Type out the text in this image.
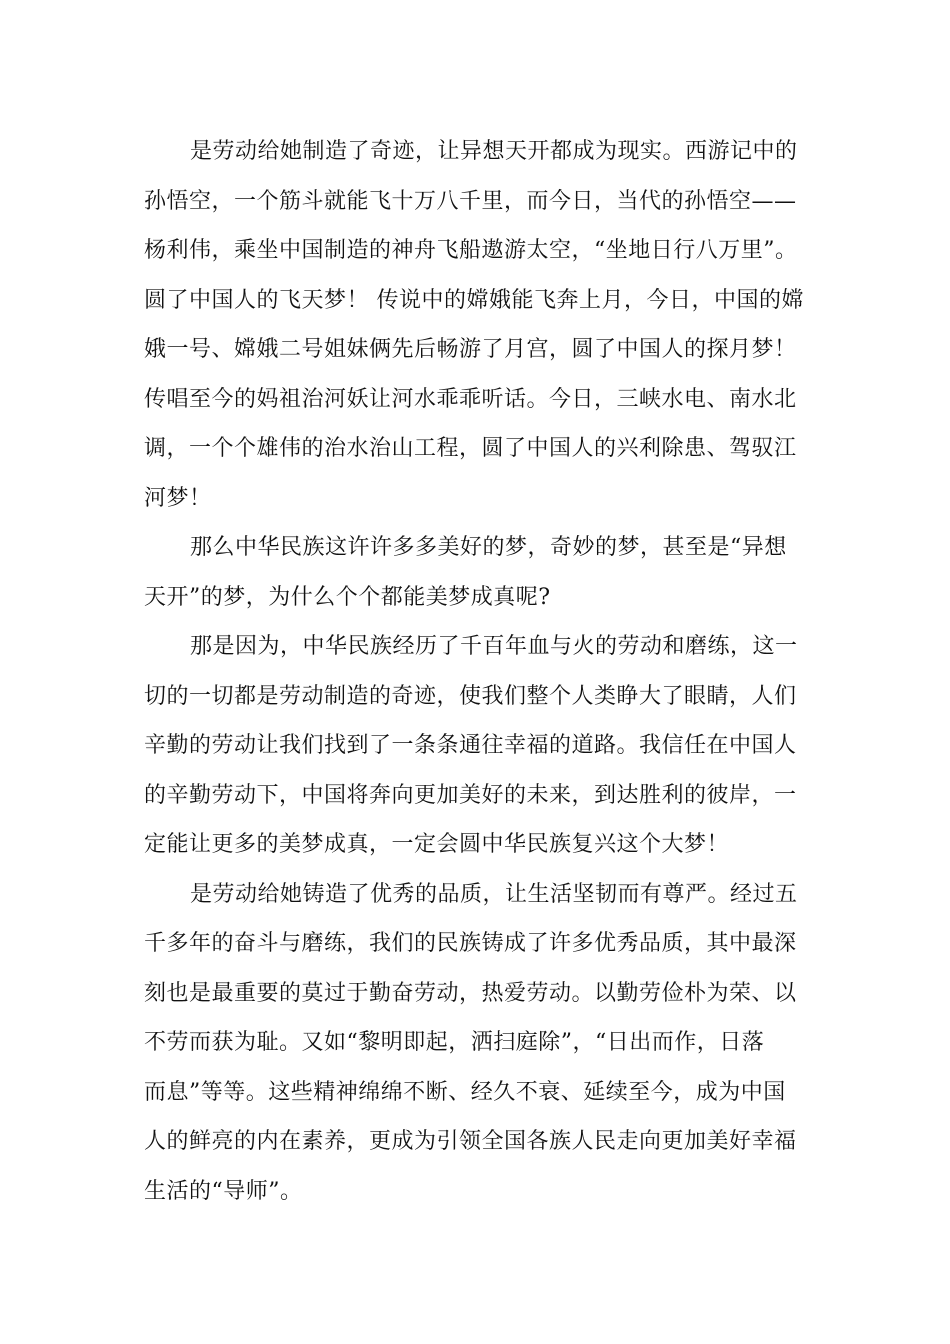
是劳动给她制造了奇迹，让异想天开都成为现实。西游记中的
孙悟空，一个筋斗就能飞十万八千里，而今日，当代的孙悟空——
杨利伟，乘坐中国制造的神舟飞船遨游太空，“坐地日行八万里”。
圆了中国人的飞天梦！ 传说中的嫦娥能飞奔上月，今日，中国的嫦
娥一号、嫦娥二号姐妹俩先后畅游了月宫，圆了中国人的探月梦！
传唱至今的妈祖治河妖让河水乖乖听话。今日，三峡水电、南水北
调，一个个雄伟的治水治山工程，圆了中国人的兴利除患、驾驭江
河梦！
那么中华民族这许许多多美好的梦，奇妙的梦，甚至是“异想
天开”的梦，为什么个个都能美梦成真呢?
那是因为，中华民族经历了千百年血与火的劳动和磨练，这一
切的一切都是劳动制造的奇迹，使我们整个人类睁大了眼睛，人们
辛勤的劳动让我们找到了一条条通往幸福的道路。我信任在中国人
的辛勤劳动下，中国将奔向更加美好的未来，到达胜利的彼岸，一
定能让更多的美梦成真，一定会圆中华民族复兴这个大梦！
是劳动给她铸造了优秀的品质，让生活坚韧而有尊严。经过五
千多年的奋斗与磨练，我们的民族铸成了许多优秀品质，其中最深
刻也是最重要的莫过于勤奋劳动，热爱劳动。以勤劳俭朴为荣、以
不劳而获为耻。又如“黎明即起，洒扫庭除”，“日出而作，日落
而息”等等。这些精神绵绵不断、经久不衰、延续至今，成为中国
人的鲜亮的内在素养，更成为引领全国各族人民走向更加美好幸福
生活的“导师”。
